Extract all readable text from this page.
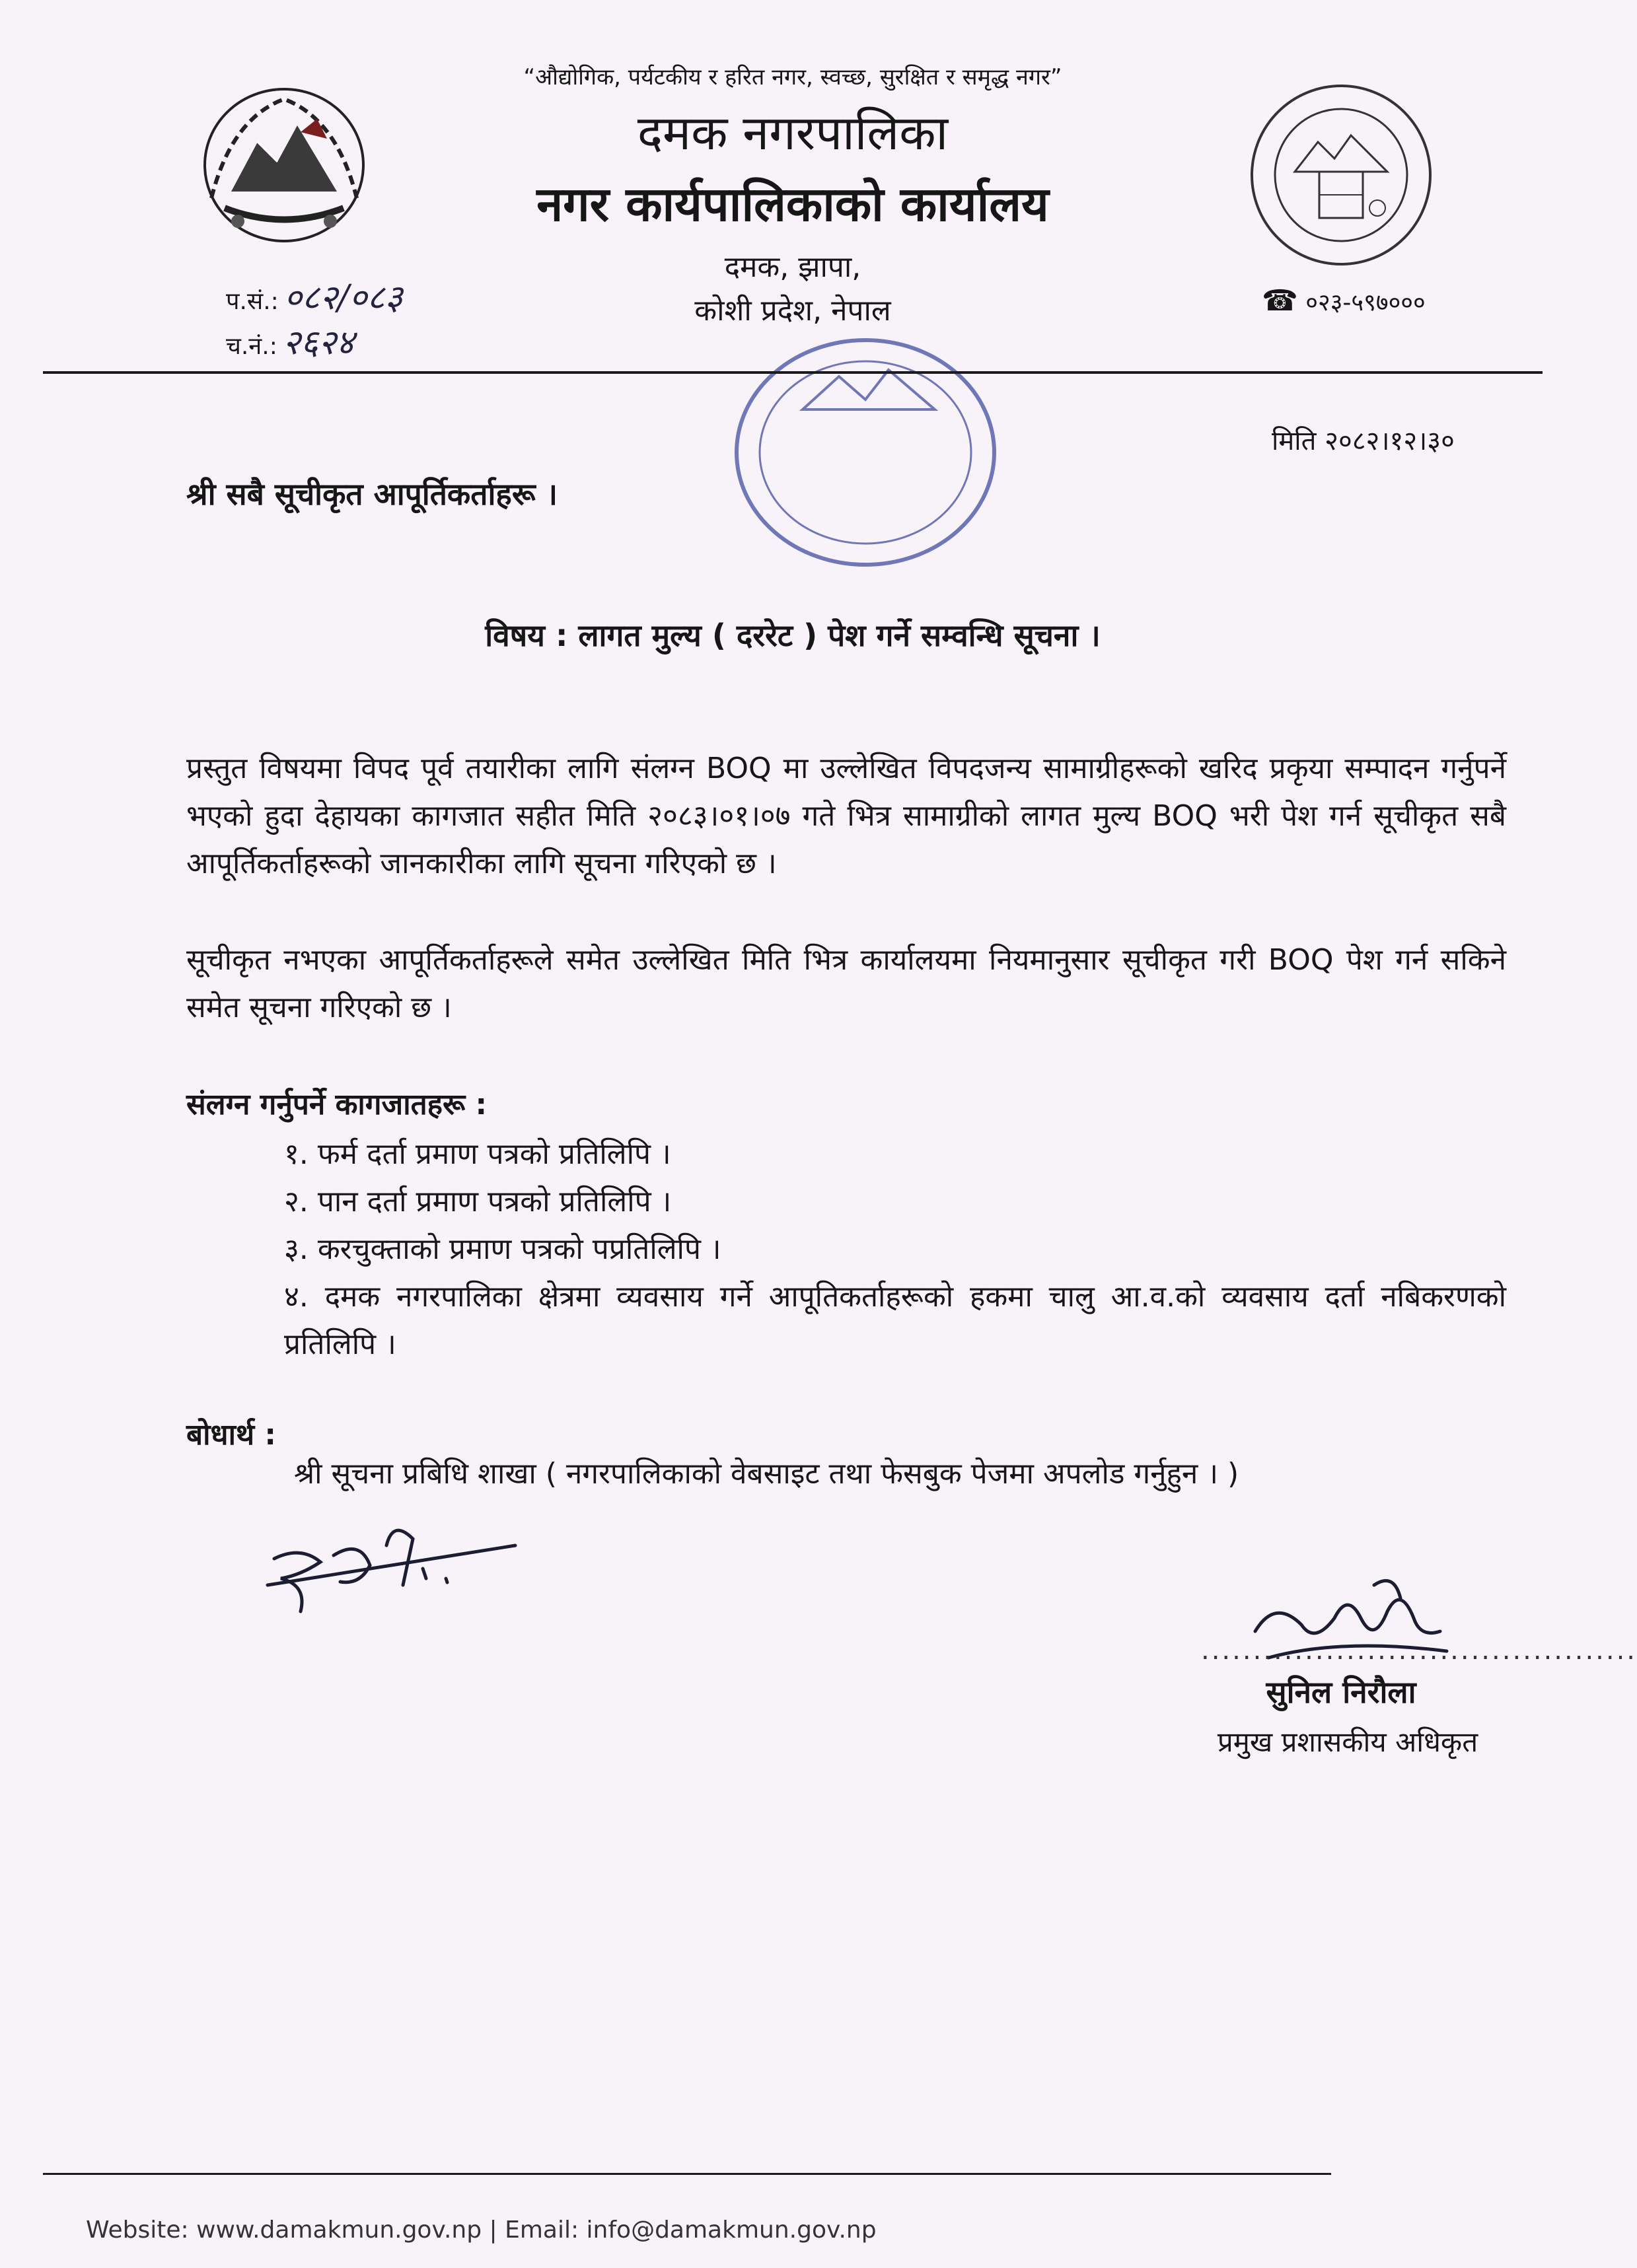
“औद्योगिक, पर्यटकीय र हरित नगर, स्वच्छ, सुरक्षित र समृद्ध नगर”
दमक नगरपालिका
नगर कार्यपालिकाको कार्यालय
दमक, झापा,
कोशी प्रदेश, नेपाल
प.सं.: ०८२/०८३
च.नं.: २६२४
☎ ०२३-५९७०००
मिति २०८२।१२।३०
श्री सबै सूचीकृत आपूर्तिकर्ताहरू ।
विषय : लागत मुल्य ( दररेट ) पेश गर्ने सम्वन्धि सूचना ।
प्रस्तुत विषयमा विपद पूर्व तयारीका लागि संलग्न BOQ मा उल्लेखित विपदजन्य सामाग्रीहरूको खरिद प्रकृया सम्पादन गर्नुपर्ने भएको हुदा देहायका कागजात सहीत मिति २०८३।०१।०७ गते भित्र सामाग्रीको लागत मुल्य BOQ भरी पेश गर्न सूचीकृत सबै आपूर्तिकर्ताहरूको जानकारीका लागि सूचना गरिएको छ ।
सूचीकृत नभएका आपूर्तिकर्ताहरूले समेत उल्लेखित मिति भित्र कार्यालयमा नियमानुसार सूचीकृत गरी BOQ पेश गर्न सकिने समेत सूचना गरिएको छ ।
संलग्न गर्नुपर्ने कागजातहरू :
१. फर्म दर्ता प्रमाण पत्रको प्रतिलिपि ।
२. पान दर्ता प्रमाण पत्रको प्रतिलिपि ।
३. करचुक्ताको प्रमाण पत्रको पप्रतिलिपि ।
४. दमक नगरपालिका क्षेत्रमा व्यवसाय गर्ने आपूतिकर्ताहरूको हकमा चालु आ.व.को व्यवसाय दर्ता नबिकरणको प्रतिलिपि ।
बोधार्थ :
श्री सूचना प्रबिधि शाखा ( नगरपालिकाको वेबसाइट तथा फेसबुक पेजमा अपलोड गर्नुहुन । )
..........................................
सुनिल निरौला
प्रमुख प्रशासकीय अधिकृत
Website: www.damakmun.gov.np | Email: info@damakmun.gov.np
